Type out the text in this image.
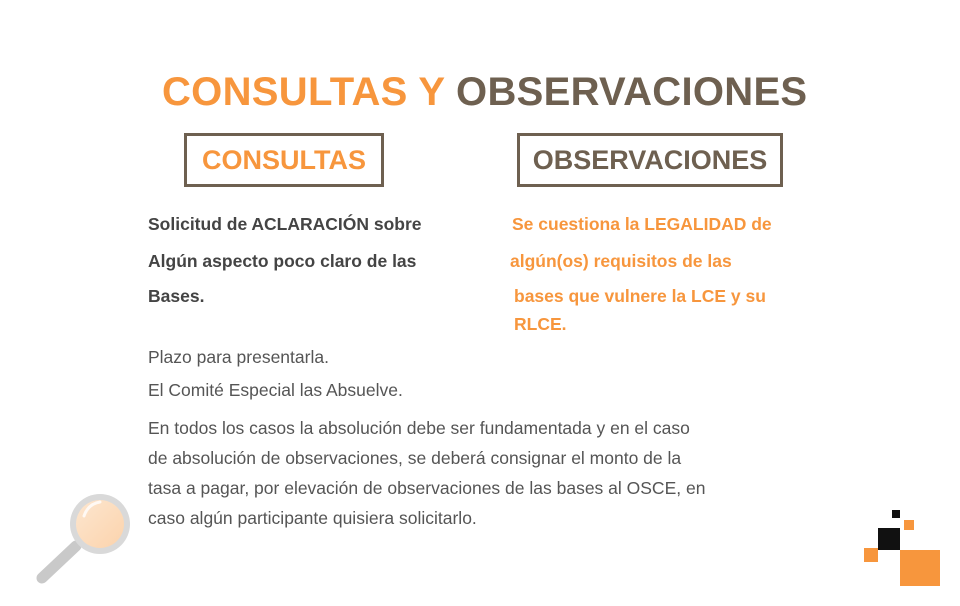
CONSULTAS Y OBSERVACIONES
CONSULTAS	OBSERVACIONES
Solicitud de ACLARACIÓN sobre
Algún aspecto poco claro de las
Bases.
Se cuestiona la LEGALIDAD de
algún(os) requisitos de las
bases que vulnere la LCE y su
RLCE.
Plazo para presentarla.
El Comité Especial las Absuelve.
En todos los casos la absolución debe ser fundamentada y en el caso
de absolución de observaciones, se deberá consignar el monto de la
tasa a pagar, por elevación de observaciones de las bases al OSCE, en
caso algún participante quisiera solicitarlo.
